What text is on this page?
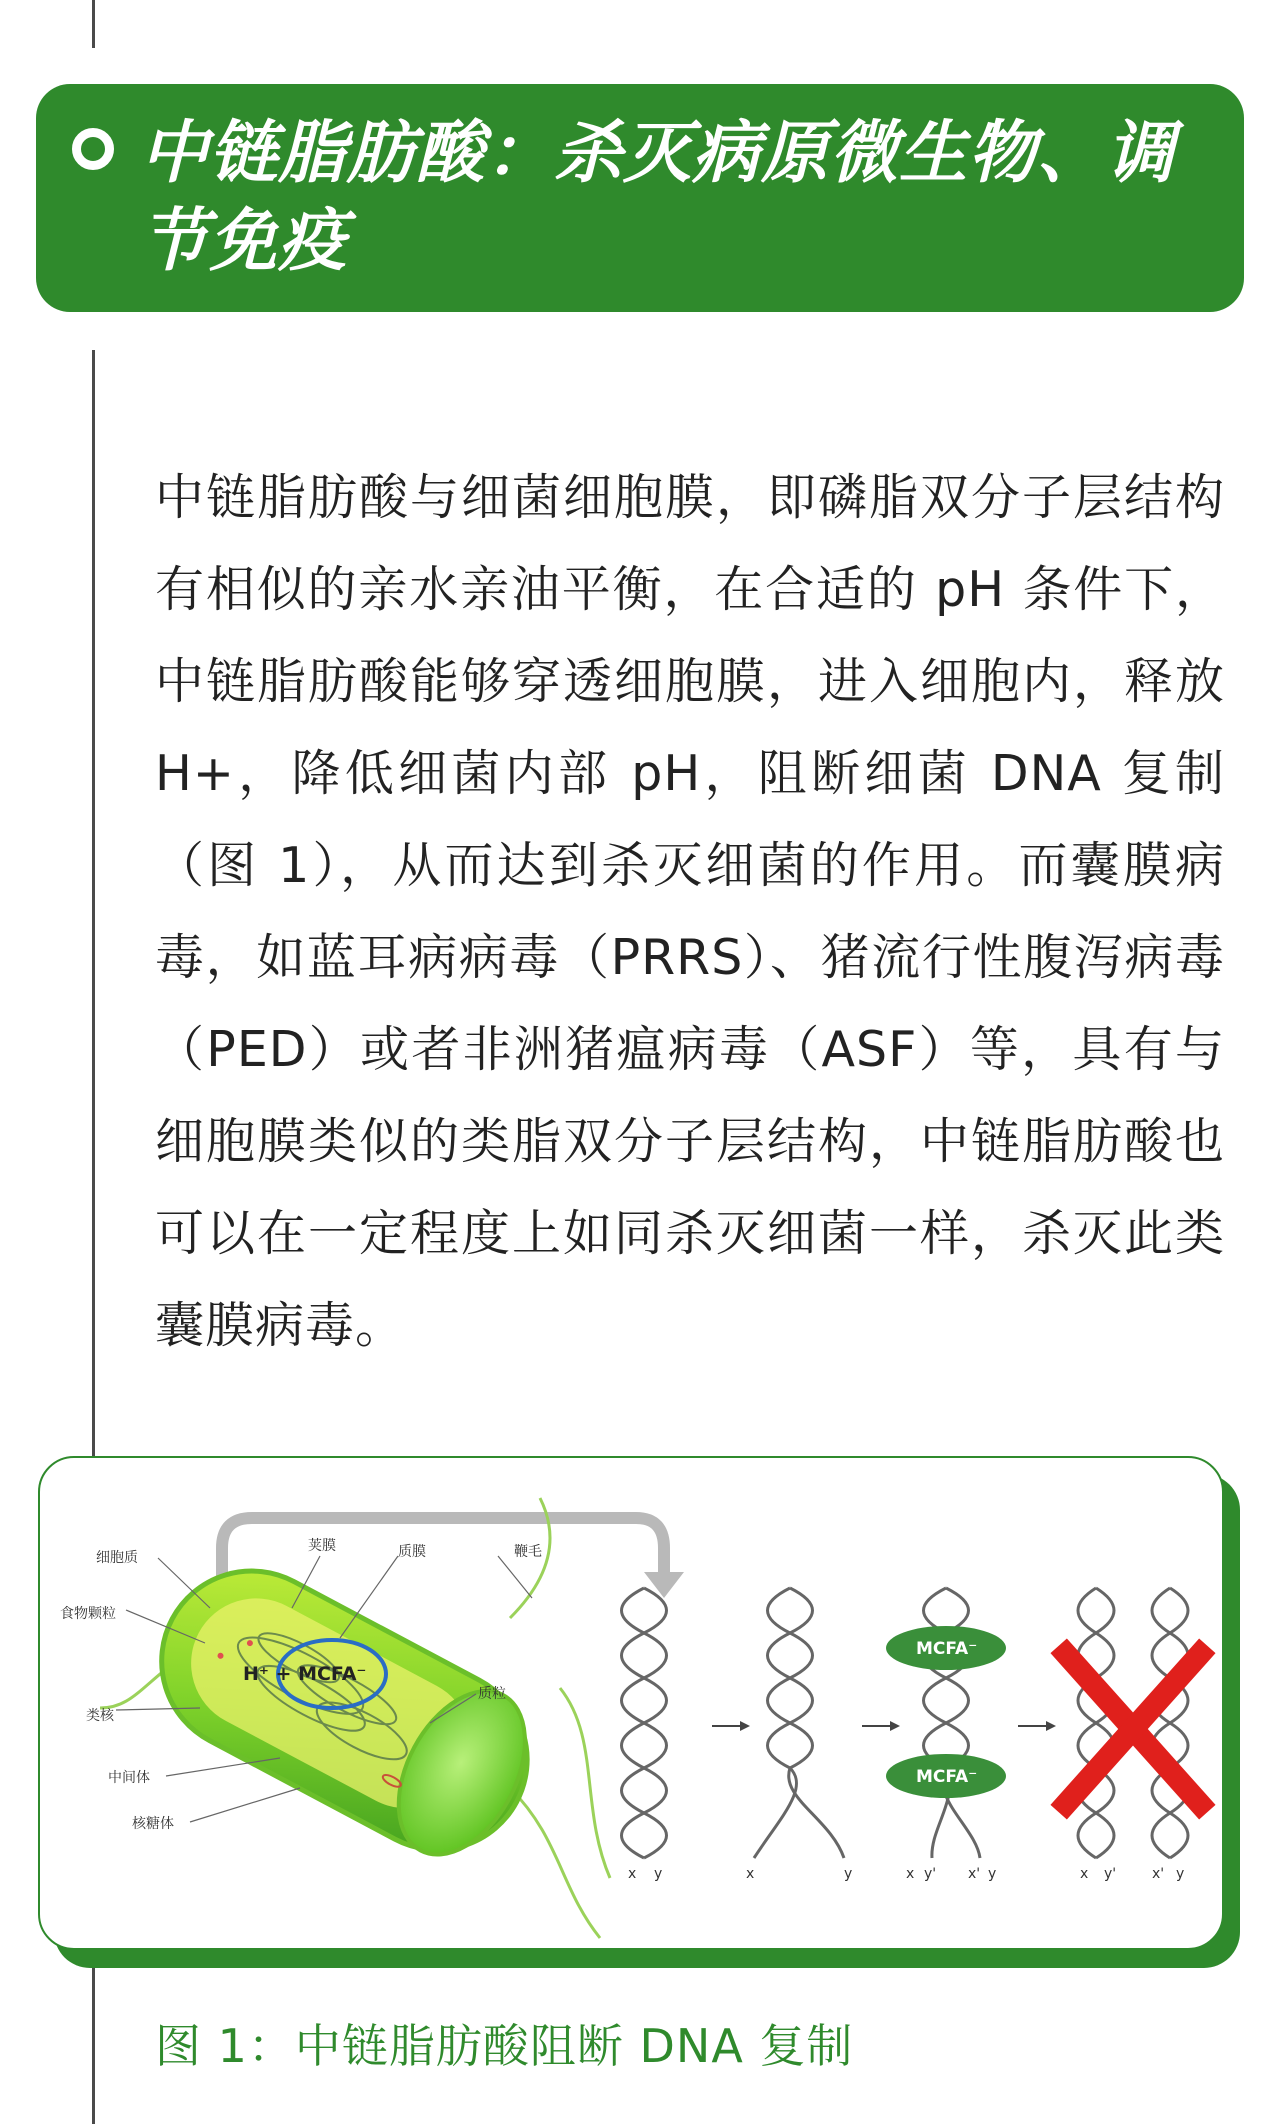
中链脂肪酸：杀灭病原微生物、调节免疫
中链脂肪酸与细菌细胞膜，即磷脂双分子层结构有相似的亲水亲油平衡，在合适的 pH 条件下，中链脂肪酸能够穿透细胞膜，进入细胞内，释放 H+，降低细菌内部 pH，阻断细菌 DNA 复制（图 1），从而达到杀灭细菌的作用。而囊膜病毒，如蓝耳病病毒（PRRS）、猪流行性腹泻病毒（PED）或者非洲猪瘟病毒（ASF）等，具有与细胞膜类似的类脂双分子层结构，中链脂肪酸也可以在一定程度上如同杀灭细菌一样，杀灭此类囊膜病毒。
H⁺ + MCFA⁻
细胞质
荚膜	质膜	鞭毛
食物颗粒
类核
质粒
中间体
核糖体
x y	x	y
MCFA⁻
MCFA⁻
x y' x' y	x y'	x' y
图 1：中链脂肪酸阻断 DNA 复制
